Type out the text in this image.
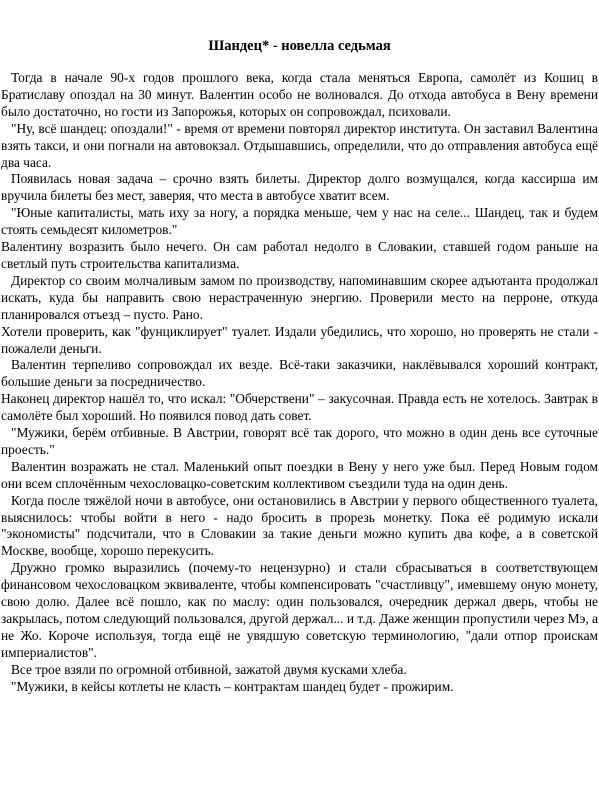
Шандец* - новелла седьмая

Тогда в начале 90-х годов прошлого века, когда стала меняться Европа, самолёт из Кошиц в Братиславу опоздал на 30 минут. Валентин особо не волновался. До отхода автобуса в Вену времени было достаточно, но гости из Запорожья, которых он сопровождал, психовали.

"Ну, всё шандец: опоздали!" - время от времени повторял директор института. Он заставил Валентина взять такси, и они погнали на автовокзал. Отдышавшись, определили, что до отправления автобуса ещё два часа.

Появилась новая задача – срочно взять билеты. Директор долго возмущался, когда кассирша им вручила билеты без мест, заверяя, что места в автобусе хватит всем.

"Юные капиталисты, мать иху за ногу, а порядка меньше, чем у нас на селе... Шандец, так и будем стоять семьдесят километров."

Валентину возразить было нечего. Он сам работал недолго в Словакии, ставшей годом раньше на светлый путь строительства капитализма.

Директор со своим молчаливым замом по производству, напоминавшим скорее адъютанта продолжал искать, куда бы направить свою нерастраченную энергию. Проверили место на перроне, откуда планировался отъезд – пусто. Рано.

Хотели проверить, как "фунциклирует" туалет. Издали убедились, что хорошо, но проверять не стали - пожалели деньги.

Валентин терпеливо сопровождал их везде. Всё-таки заказчики, наклёвывался хороший контракт, большие деньги за посредничество.

Наконец директор нашёл то, что искал: "Обчерствени" – закусочная. Правда есть не хотелось. Завтрак в самолёте был хороший. Но появился повод дать совет.

"Мужики, берём отбивные. В Австрии, говорят всё так дорого, что можно в один день все суточные проесть."

Валентин возражать не стал. Маленький опыт поездки в Вену у него уже был. Перед Новым годом они всем сплочённым чехословацко-советским коллективом съездили туда на один день.

Когда после тяжёлой ночи в автобусе, они остановились в Австрии у первого общественного туалета, выяснилось: чтобы войти в него - надо бросить в прорезь монетку. Пока её родимую искали "экономисты" подсчитали, что в Словакии за такие деньги можно купить два кофе, а в советской Москве, вообще, хорошо перекусить.

Дружно громко выразились (почему-то нецензурно) и стали сбрасываться в соответствующем финансовом чехословацком эквиваленте, чтобы компенсировать "счастливцу", имевшему оную монету, свою долю. Далее всё пошло, как по маслу: один пользовался, очередник держал дверь, чтобы не закрылась, потом следующий пользовался, другой держал... и т.д. Даже женщин пропустили через Мэ, а не Жо. Короче используя, тогда ещё не увядшую советскую терминологию, "дали отпор проискам империалистов".

Все трое взяли по огромной отбивной, зажатой двумя кусками хлеба.

"Мужики, в кейсы котлеты не класть – контрактам шандец будет - прожирим.
